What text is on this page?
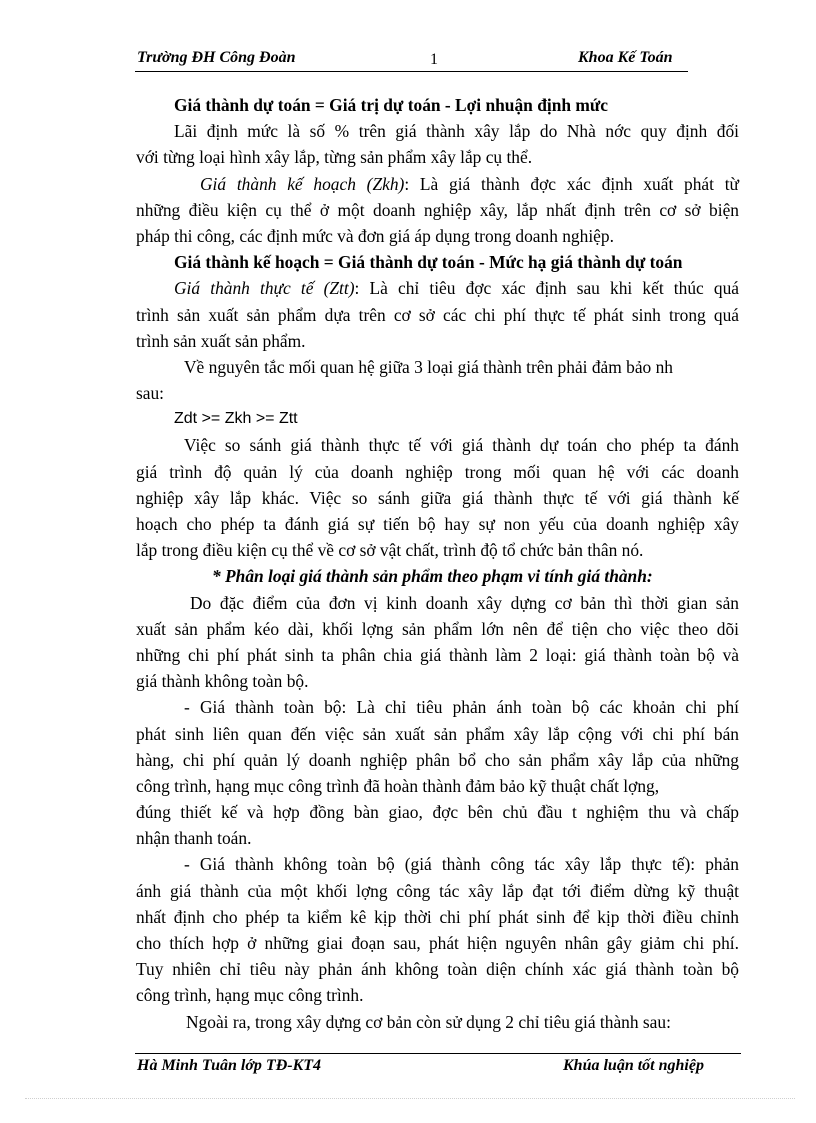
Trường ĐH Công Đoàn	1	Khoa Kế Toán
Giá thành dự toán = Giá trị dự toán - Lợi nhuận định mức
Lãi định mức là số % trên giá thành xây lắp do Nhà nớc quy định đối
với từng loại hình xây lắp, từng sản phẩm xây lắp cụ thể.
Giá thành kế hoạch (Zkh): Là giá thành đợc xác định xuất phát từ
những điều kiện cụ thể ở một doanh nghiệp xây, lắp nhất định trên cơ sở biện
pháp thi công, các định mức và đơn giá áp dụng trong doanh nghiệp.
Giá thành kế hoạch = Giá thành dự toán - Mức hạ giá thành dự toán
Giá thành thực tế (Ztt): Là chỉ tiêu đợc xác định sau khi kết thúc quá
trình sản xuất sản phẩm dựa trên cơ sở các chi phí thực tế phát sinh trong quá
trình sản xuất sản phẩm.
Về nguyên tắc mối quan hệ giữa 3 loại giá thành trên phải đảm bảo nh
sau:
Zdt >= Zkh >= Ztt
Việc so sánh giá thành thực tế với giá thành dự toán cho phép ta đánh
giá trình độ quản lý của doanh nghiệp trong mối quan hệ với các doanh
nghiệp xây lắp khác. Việc so sánh giữa giá thành thực tế với giá thành kế
hoạch cho phép ta đánh giá sự tiến bộ hay sự non yếu của doanh nghiệp xây
lắp trong điều kiện cụ thể về cơ sở vật chất, trình độ tổ chức bản thân nó.
* Phân loại giá thành sản phẩm theo phạm vi tính giá thành:
Do đặc điểm của đơn vị kinh doanh xây dựng cơ bản thì thời gian sản
xuất sản phẩm kéo dài, khối lợng sản phẩm lớn nên để tiện cho việc theo dõi
những chi phí phát sinh ta phân chia giá thành làm 2 loại: giá thành toàn bộ và
giá thành không toàn bộ.
- Giá thành toàn bộ: Là chỉ tiêu phản ánh toàn bộ các khoản chi phí
phát sinh liên quan đến việc sản xuất sản phẩm xây lắp cộng với chi phí bán
hàng, chi phí quản lý doanh nghiệp phân bổ cho sản phẩm xây lắp của những
công trình, hạng mục công trình đã hoàn thành đảm bảo kỹ thuật chất lợng,
đúng thiết kế và hợp đồng bàn giao, đợc bên chủ đầu t nghiệm thu và chấp
nhận thanh toán.
- Giá thành không toàn bộ (giá thành công tác xây lắp thực tế): phản
ánh giá thành của một khối lợng công tác xây lắp đạt tới điểm dừng kỹ thuật
nhất định cho phép ta kiểm kê kịp thời chi phí phát sinh để kịp thời điều chỉnh
cho thích hợp ở những giai đoạn sau, phát hiện nguyên nhân gây giảm chi phí.
Tuy nhiên chỉ tiêu này phản ánh không toàn diện chính xác giá thành toàn bộ
công trình, hạng mục công trình.
Ngoài ra, trong xây dựng cơ bản còn sử dụng 2 chỉ tiêu giá thành sau:
Hà Minh Tuân lớp TĐ-KT4	Khúa luận tốt nghiệp
